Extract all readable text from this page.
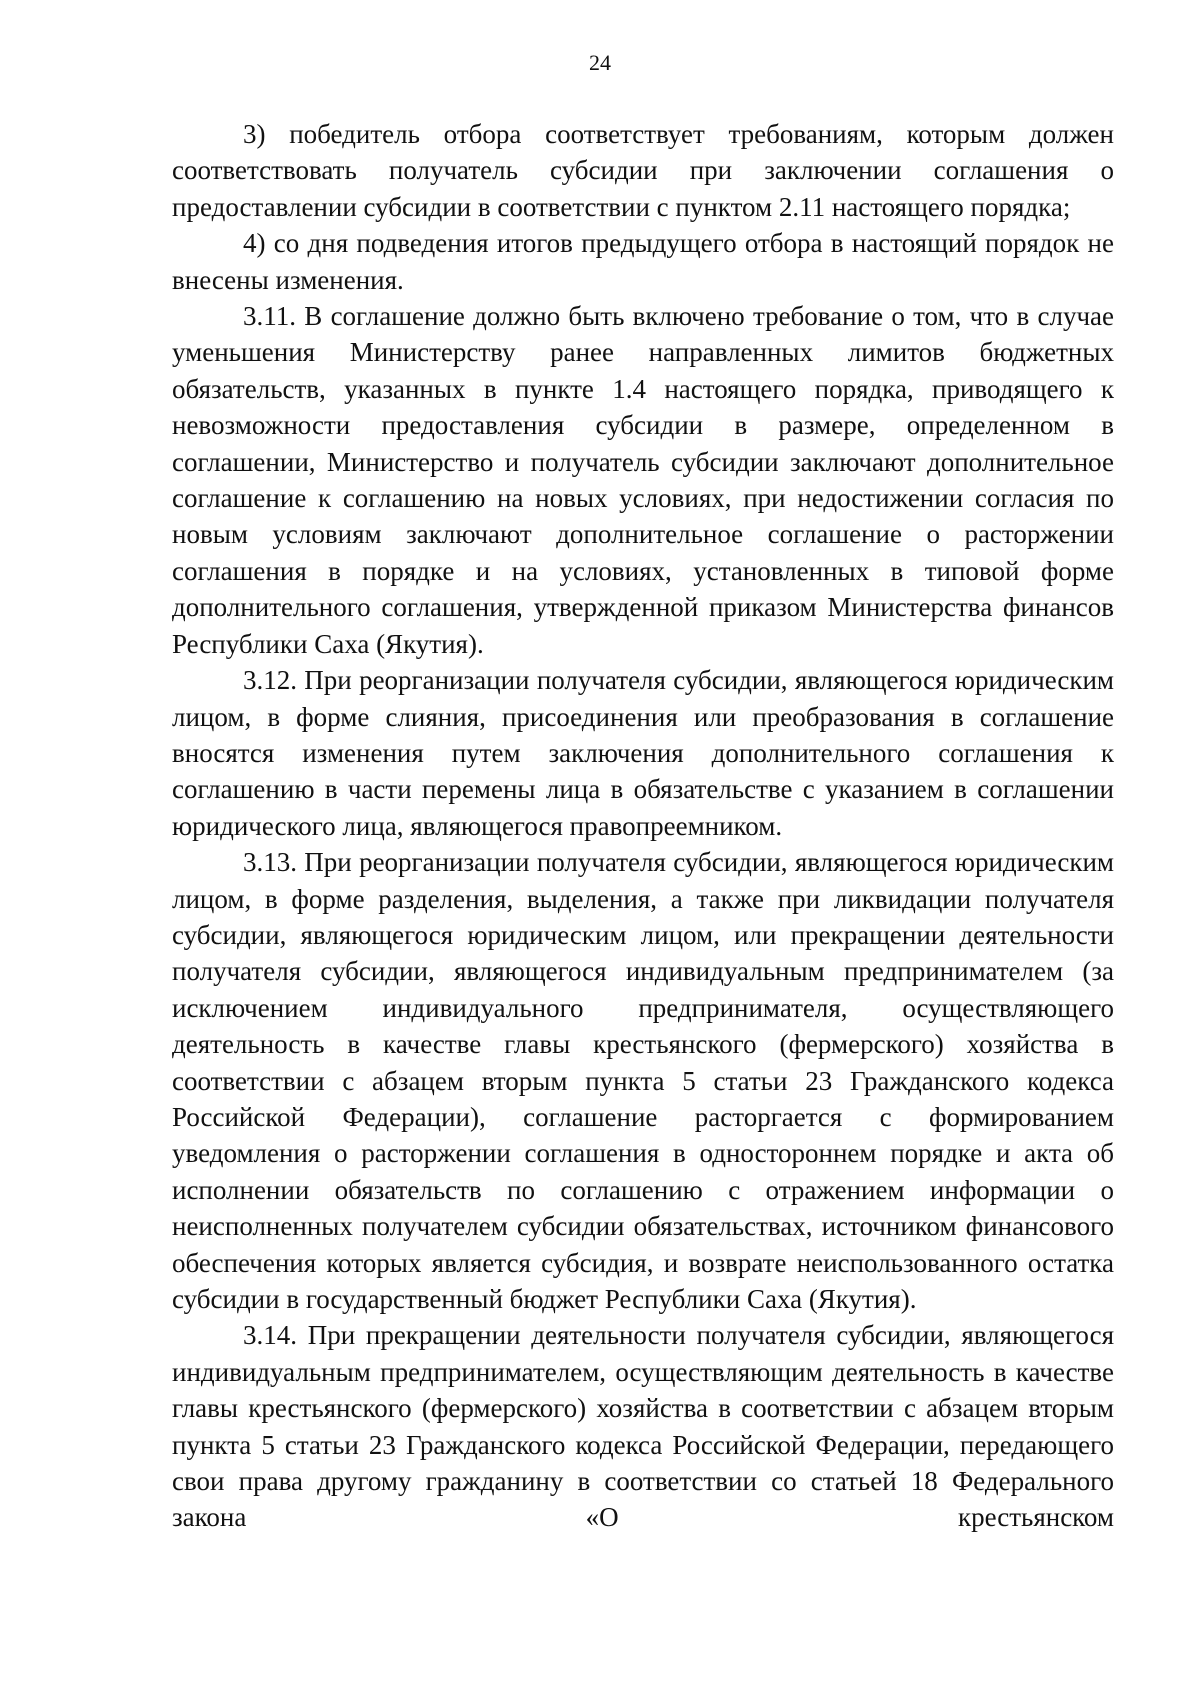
24

3) победитель отбора соответствует требованиям, которым должен соответствовать получатель субсидии при заключении соглашения о предоставлении субсидии в соответствии с пунктом 2.11 настоящего порядка;

4) со дня подведения итогов предыдущего отбора в настоящий порядок не внесены изменения.

3.11. В соглашение должно быть включено требование о том, что в случае уменьшения Министерству ранее направленных лимитов бюджетных обязательств, указанных в пункте 1.4 настоящего порядка, приводящего к невозможности предоставления субсидии в размере, определенном в соглашении, Министерство и получатель субсидии заключают дополнительное соглашение к соглашению на новых условиях, при недостижении согласия по новым условиям заключают дополнительное соглашение о расторжении соглашения в порядке и на условиях, установленных в типовой форме дополнительного соглашения, утвержденной приказом Министерства финансов Республики Саха (Якутия).

3.12. При реорганизации получателя субсидии, являющегося юридическим лицом, в форме слияния, присоединения или преобразования в соглашение вносятся изменения путем заключения дополнительного соглашения к соглашению в части перемены лица в обязательстве с указанием в соглашении юридического лица, являющегося правопреемником.

3.13. При реорганизации получателя субсидии, являющегося юридическим лицом, в форме разделения, выделения, а также при ликвидации получателя субсидии, являющегося юридическим лицом, или прекращении деятельности получателя субсидии, являющегося индивидуальным предпринимателем (за исключением индивидуального предпринимателя, осуществляющего деятельность в качестве главы крестьянского (фермерского) хозяйства в соответствии с абзацем вторым пункта 5 статьи 23 Гражданского кодекса Российской Федерации), соглашение расторгается с формированием уведомления о расторжении соглашения в одностороннем порядке и акта об исполнении обязательств по соглашению с отражением информации о неисполненных получателем субсидии обязательствах, источником финансового обеспечения которых является субсидия, и возврате неиспользованного остатка субсидии в государственный бюджет Республики Саха (Якутия).

3.14. При прекращении деятельности получателя субсидии, являющегося индивидуальным предпринимателем, осуществляющим деятельность в качестве главы крестьянского (фермерского) хозяйства в соответствии с абзацем вторым пункта 5 статьи 23 Гражданского кодекса Российской Федерации, передающего свои права другому гражданину в соответствии со статьей 18 Федерального закона «О крестьянском
